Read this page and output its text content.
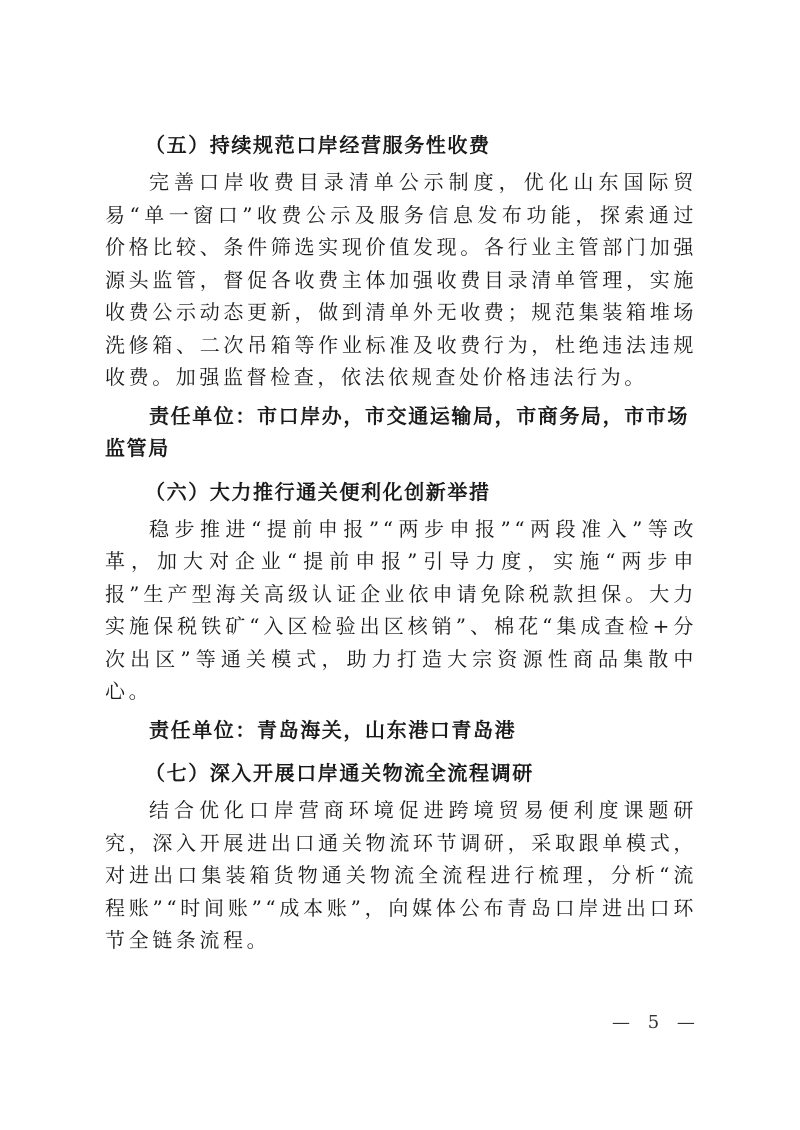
（五）持续规范口岸经营服务性收费

完善口岸收费目录清单公示制度，优化山东国际贸易“单一窗口”收费公示及服务信息发布功能，探索通过价格比较、条件筛选实现价值发现。各行业主管部门加强源头监管，督促各收费主体加强收费目录清单管理，实施收费公示动态更新，做到清单外无收费；规范集装箱堆场洗修箱、二次吊箱等作业标准及收费行为，杜绝违法违规收费。加强监督检查，依法依规查处价格违法行为。

责任单位：市口岸办，市交通运输局，市商务局，市市场监管局

（六）大力推行通关便利化创新举措

稳步推进“提前申报”“两步申报”“两段准入”等改革，加大对企业“提前申报”引导力度，实施“两步申报”生产型海关高级认证企业依申请免除税款担保。大力实施保税铁矿“入区检验出区核销”、棉花“集成查检+分次出区”等通关模式，助力打造大宗资源性商品集散中心。

责任单位：青岛海关，山东港口青岛港

（七）深入开展口岸通关物流全流程调研

结合优化口岸营商环境促进跨境贸易便利度课题研究，深入开展进出口通关物流环节调研，采取跟单模式，对进出口集装箱货物通关物流全流程进行梳理，分析“流程账”“时间账”“成本账”，向媒体公布青岛口岸进出口环节全链条流程。

— 5 —
